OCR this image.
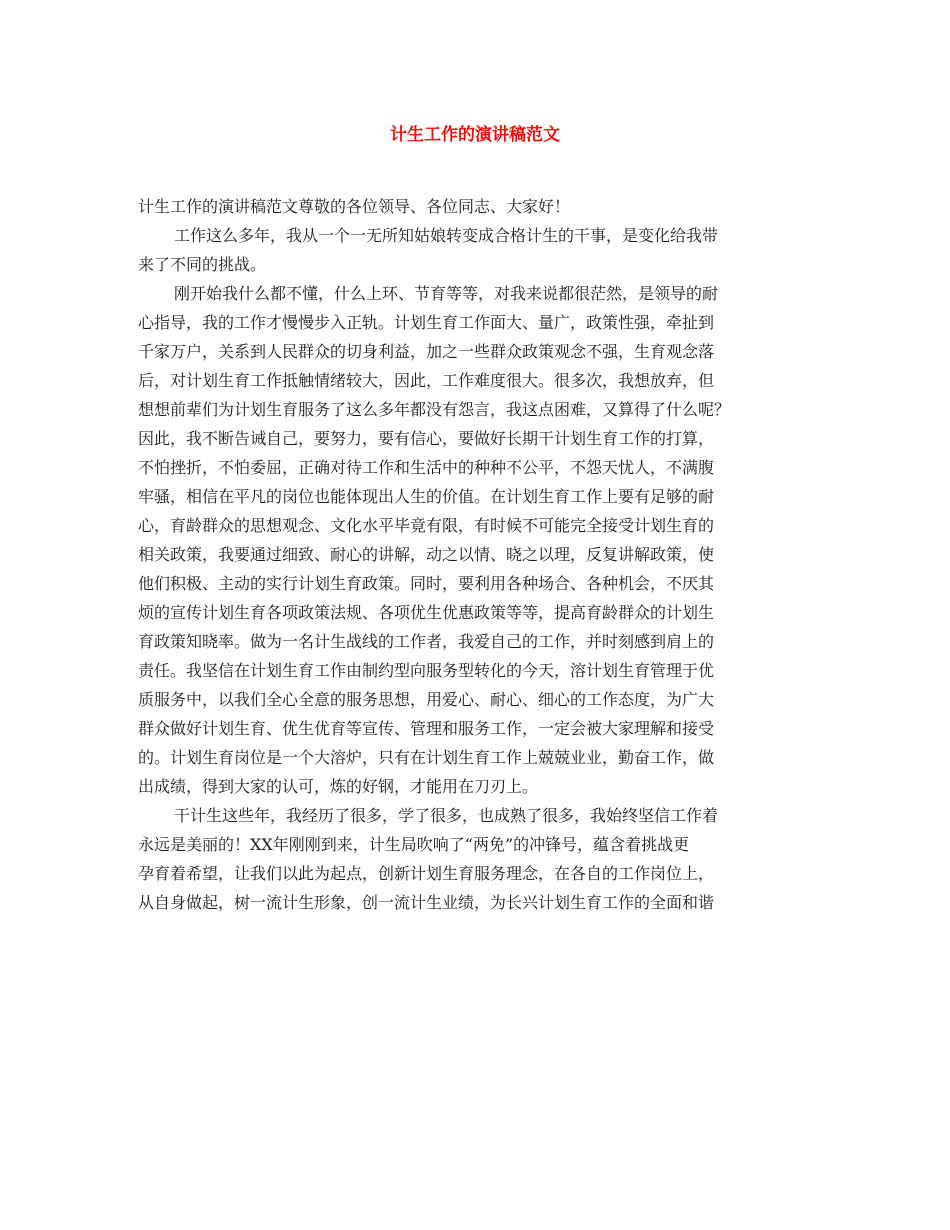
计生工作的演讲稿范文
计生工作的演讲稿范文尊敬的各位领导、各位同志、大家好！
工作这么多年，我从一个一无所知姑娘转变成合格计生的干事，是变化给我带
来了不同的挑战。
刚开始我什么都不懂，什么上环、节育等等，对我来说都很茫然，是领导的耐
心指导，我的工作才慢慢步入正轨。计划生育工作面大、量广，政策性强，牵扯到
千家万户，关系到人民群众的切身利益，加之一些群众政策观念不强，生育观念落
后，对计划生育工作抵触情绪较大，因此，工作难度很大。很多次，我想放弃，但
想想前辈们为计划生育服务了这么多年都没有怨言，我这点困难，又算得了什么呢？
因此，我不断告诫自己，要努力，要有信心，要做好长期干计划生育工作的打算，
不怕挫折，不怕委屈，正确对待工作和生活中的种种不公平，不怨天忧人，不满腹
牢骚，相信在平凡的岗位也能体现出人生的价值。在计划生育工作上要有足够的耐
心，育龄群众的思想观念、文化水平毕竟有限，有时候不可能完全接受计划生育的
相关政策，我要通过细致、耐心的讲解，动之以情、晓之以理，反复讲解政策，使
他们积极、主动的实行计划生育政策。同时，要利用各种场合、各种机会，不厌其
烦的宣传计划生育各项政策法规、各项优生优惠政策等等，提高育龄群众的计划生
育政策知晓率。做为一名计生战线的工作者，我爱自己的工作，并时刻感到肩上的
责任。我坚信在计划生育工作由制约型向服务型转化的今天，溶计划生育管理于优
质服务中，以我们全心全意的服务思想，用爱心、耐心、细心的工作态度，为广大
群众做好计划生育、优生优育等宣传、管理和服务工作，一定会被大家理解和接受
的。计划生育岗位是一个大溶炉，只有在计划生育工作上兢兢业业，勤奋工作，做
出成绩，得到大家的认可，炼的好钢，才能用在刀刃上。
干计生这些年，我经历了很多，学了很多，也成熟了很多，我始终坚信工作着
永远是美丽的！XX年刚刚到来，计生局吹响了“两免”的冲锋号，蕴含着挑战更
孕育着希望，让我们以此为起点，创新计划生育服务理念，在各自的工作岗位上，
从自身做起，树一流计生形象，创一流计生业绩，为长兴计划生育工作的全面和谐
